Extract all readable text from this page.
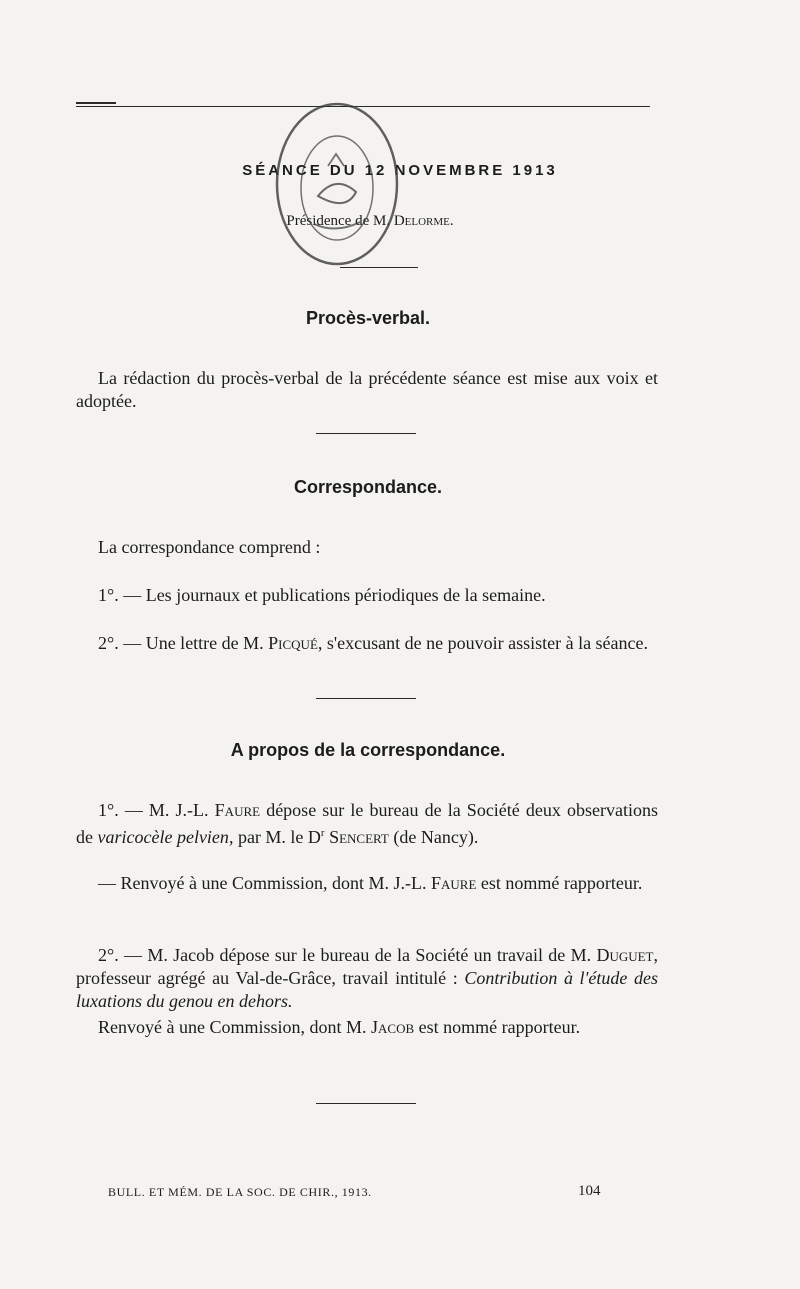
SÉANCE DU 12 NOVEMBRE 1913
Présidence de M. Delorme.
Procès-verbal.

La rédaction du procès-verbal de la précédente séance est mise aux voix et adoptée.

Correspondance.

La correspondance comprend :

1°. — Les journaux et publications périodiques de la semaine.

2°. — Une lettre de M. Picqué, s'excusant de ne pouvoir assister à la séance.

A propos de la correspondance.

1°. — M. J.-L. Faure dépose sur le bureau de la Société deux observations de varicocèle pelvien, par M. le $D^r$ Sencert (de Nancy).

— Renvoyé à une Commission, dont M. J.-L. Faure est nommé rapporteur.

2°. — M. Jacob dépose sur le bureau de la Société un travail de M. Duguet, professeur agrégé au Val-de-Grâce, travail intitulé : Contribution à l'étude des luxations du genou en dehors.

Renvoyé à une Commission, dont M. Jacob est nommé rapporteur.

BULL. ET MÉM. DE LA SOC. DE CHIR., 1913.	104
